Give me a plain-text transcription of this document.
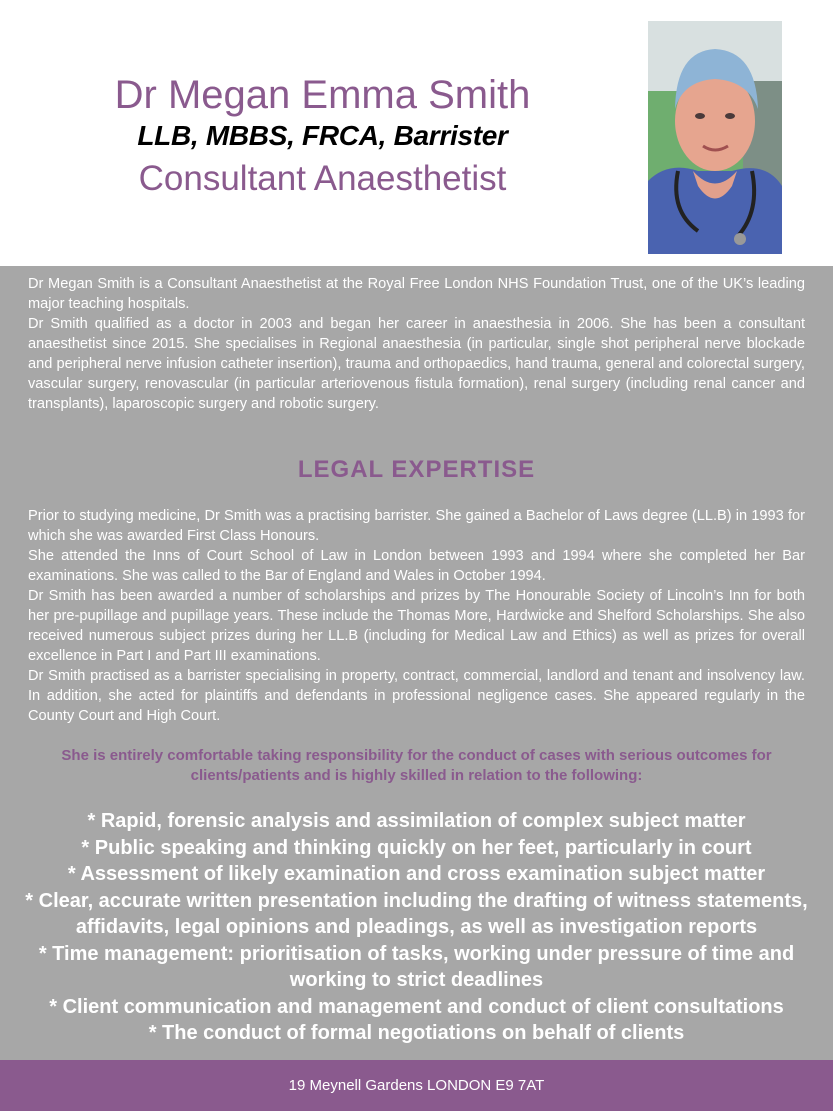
Dr Megan Emma Smith
LLB, MBBS, FRCA, Barrister
Consultant Anaesthetist

Dr Megan Smith is a Consultant Anaesthetist at the Royal Free London NHS Foundation Trust, one of the UK’s leading major teaching hospitals.

Dr Smith qualified as a doctor in 2003 and began her career in anaesthesia in 2006. She has been a consultant anaesthetist since 2015. She specialises in Regional anaesthesia (in particular, single shot peripheral nerve blockade and peripheral nerve infusion catheter insertion), trauma and orthopaedics, hand trauma, general and colorectal surgery, vascular surgery, renovascular (in particular arteriovenous fistula formation), renal surgery (including renal cancer and transplants), laparoscopic surgery and robotic surgery.

LEGAL EXPERTISE

Prior to studying medicine, Dr Smith was a practising barrister. She gained a Bachelor of Laws degree (LL.B) in 1993 for which she was awarded First Class Honours.

She attended the Inns of Court School of Law in London between 1993 and 1994 where she completed her Bar examinations. She was called to the Bar of England and Wales in October 1994.

Dr Smith has been awarded a number of scholarships and prizes by The Honourable Society of Lincoln’s Inn for both her pre-pupillage and pupillage years. These include the Thomas More, Hardwicke and Shelford Scholarships. She also received numerous subject prizes during her LL.B (including for Medical Law and Ethics) as well as prizes for overall excellence in Part I and Part III examinations.

Dr Smith practised as a barrister specialising in property, contract, commercial, landlord and tenant and insolvency law. In addition, she acted for plaintiffs and defendants in professional negligence cases. She appeared regularly in the County Court and High Court.

She is entirely comfortable taking responsibility for the conduct of cases with serious outcomes for clients/patients and is highly skilled in relation to the following:
* Rapid, forensic analysis and assimilation of complex subject matter
* Public speaking and thinking quickly on her feet, particularly in court
* Assessment of likely examination and cross examination subject matter
* Clear, accurate written presentation including the drafting of witness statements, affidavits, legal opinions and pleadings, as well as investigation reports
* Time management: prioritisation of tasks, working under pressure of time and working to strict deadlines
* Client communication and management and conduct of client consultations
* The conduct of formal negotiations on behalf of clients
19 Meynell Gardens LONDON E9 7AT
